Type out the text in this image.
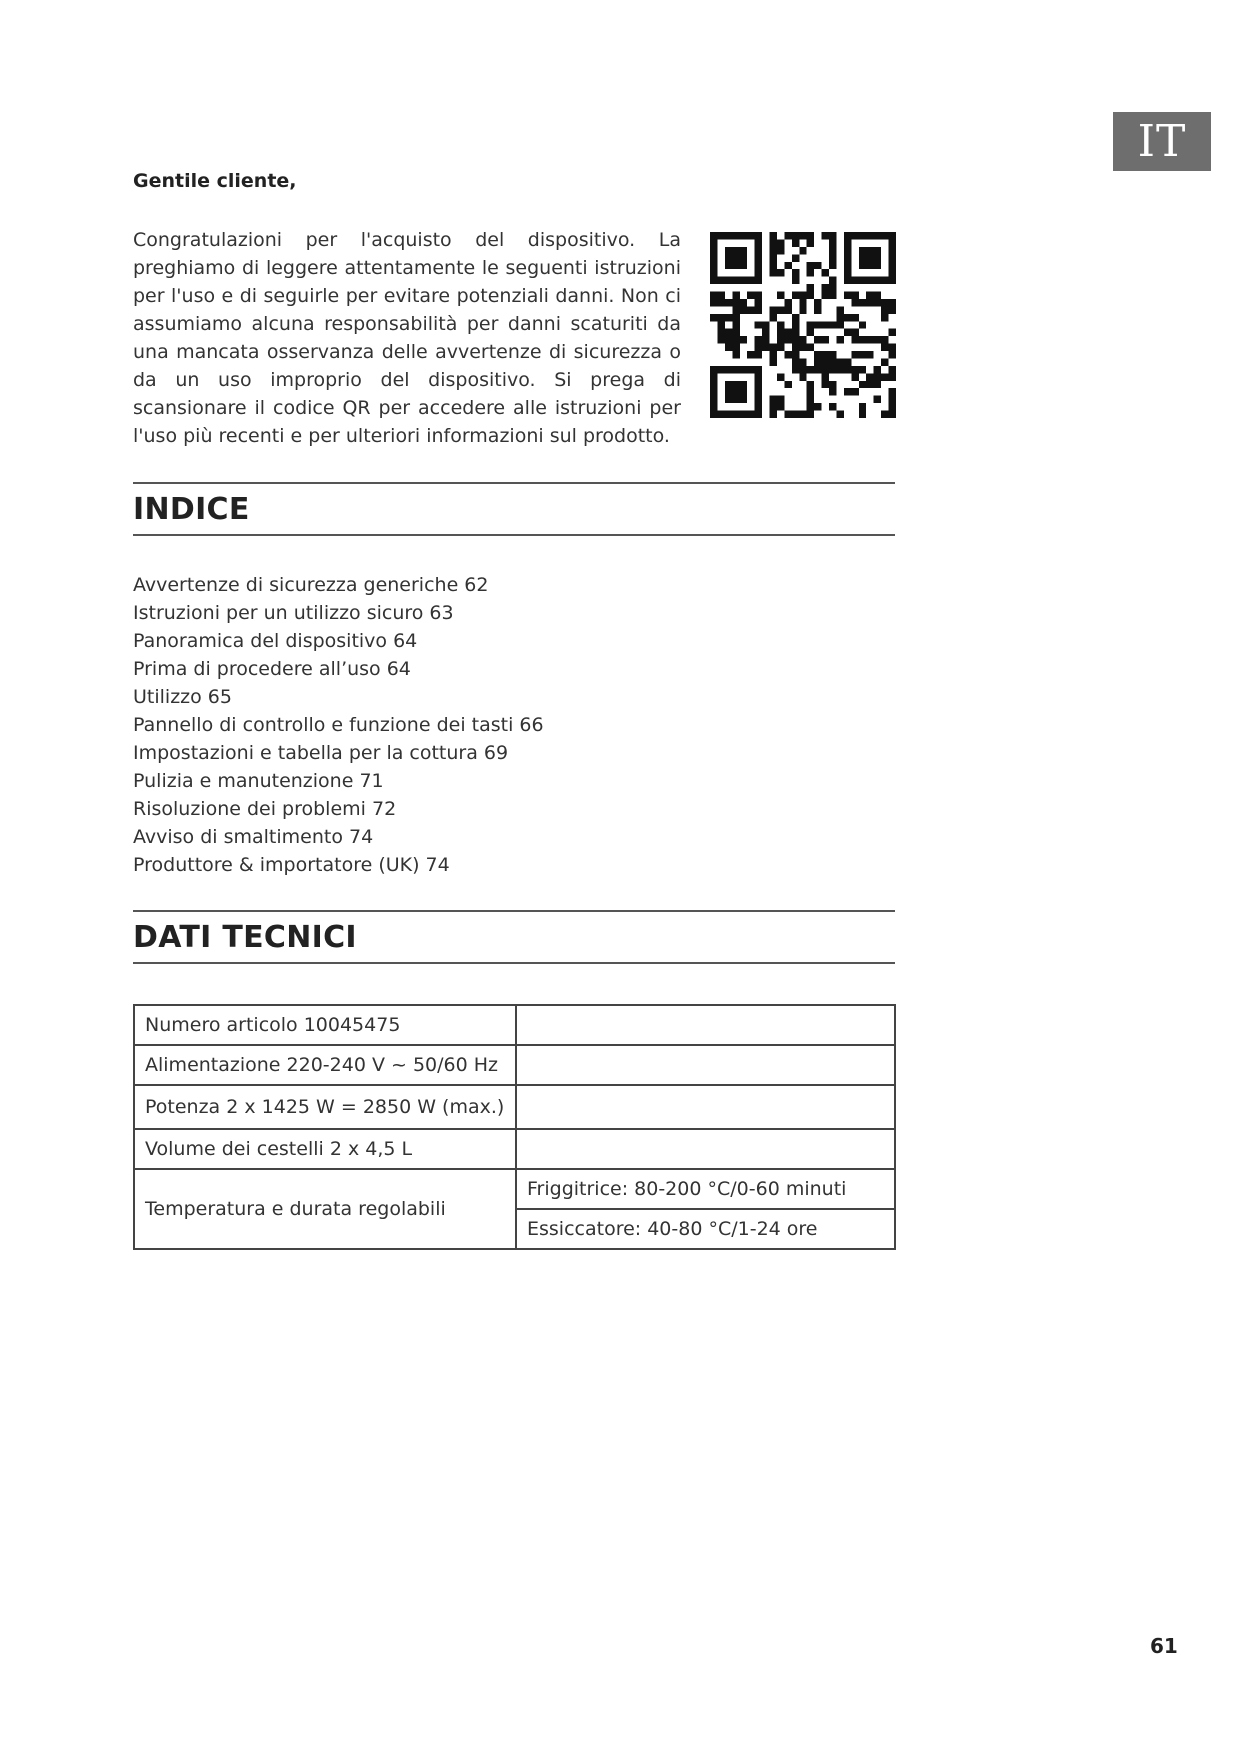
IT
Gentile cliente,

Congratulazioni per l'acquisto del dispositivo. La preghiamo di leggere attentamente le seguenti istruzioni per l'uso e di seguirle per evitare potenziali danni. Non ci assumiamo alcuna responsabilità per danni scaturiti da una mancata osservanza delle avvertenze di sicurezza o da un uso improprio del dispositivo. Si prega di scansionare il codice QR per accedere alle istruzioni per l'uso più recenti e per ulteriori informazioni sul prodotto.

INDICE
Avvertenze di sicurezza generiche 62
Istruzioni per un utilizzo sicuro 63
Panoramica del dispositivo 64
Prima di procedere all’uso 64
Utilizzo 65
Pannello di controllo e funzione dei tasti 66
Impostazioni e tabella per la cottura 69
Pulizia e manutenzione 71
Risoluzione dei problemi 72
Avviso di smaltimento 74
Produttore & importatore (UK) 74
DATI TECNICI
Numero articolo 10045475	
Alimentazione 220-240 V ~ 50/60 Hz	
Potenza 2 x 1425 W = 2850 W (max.)	
Volume dei cestelli 2 x 4,5 L	
Temperatura e durata regolabili	Friggitrice: 80-200 °C/0-60 minuti
	Essiccatore: 40-80 °C/1-24 ore
61
